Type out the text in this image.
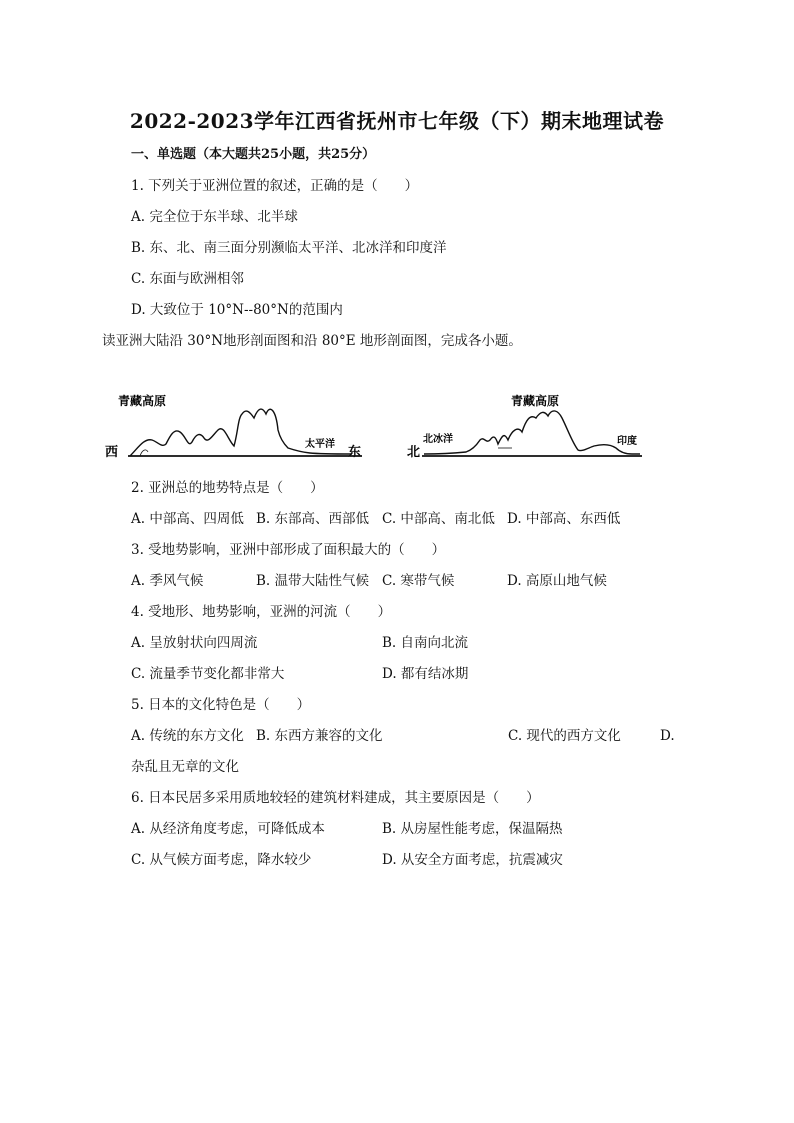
2022-2023学年江西省抚州市七年级（下）期末地理试卷
一、单选题（本大题共25小题，共25分）
1. 下列关于亚洲位置的叙述，正确的是（　　）
A. 完全位于东半球、北半球
B. 东、北、南三面分别濒临太平洋、北冰洋和印度洋
C. 东面与欧洲相邻
D. 大致位于 10°N--80°N的范围内
读亚洲大陆沿 30°N地形剖面图和沿 80°E 地形剖面图，完成各小题。
青藏高原
西	东
太平洋
青藏高原
北
北冰洋	印度
2. 亚洲总的地势特点是（　　）
A. 中部高、四周低 B. 东部高、西部低 C. 中部高、南北低 D. 中部高、东西低
3. 受地势影响，亚洲中部形成了面积最大的（　　）
A. 季风气候	B. 温带大陆性气候 C. 寒带气候	D. 高原山地气候
4. 受地形、地势影响，亚洲的河流（　　）
A. 呈放射状向四周流	B. 自南向北流
C. 流量季节变化都非常大	D. 都有结冰期
5. 日本的文化特色是（　　）
A. 传统的东方文化 B. 东西方兼容的文化	C. 现代的西方文化	D.
杂乱且无章的文化
6. 日本民居多采用质地较轻的建筑材料建成，其主要原因是（　　）
A. 从经济角度考虑，可降低成本	B. 从房屋性能考虑，保温隔热
C. 从气候方面考虑，降水较少	D. 从安全方面考虑，抗震减灾
